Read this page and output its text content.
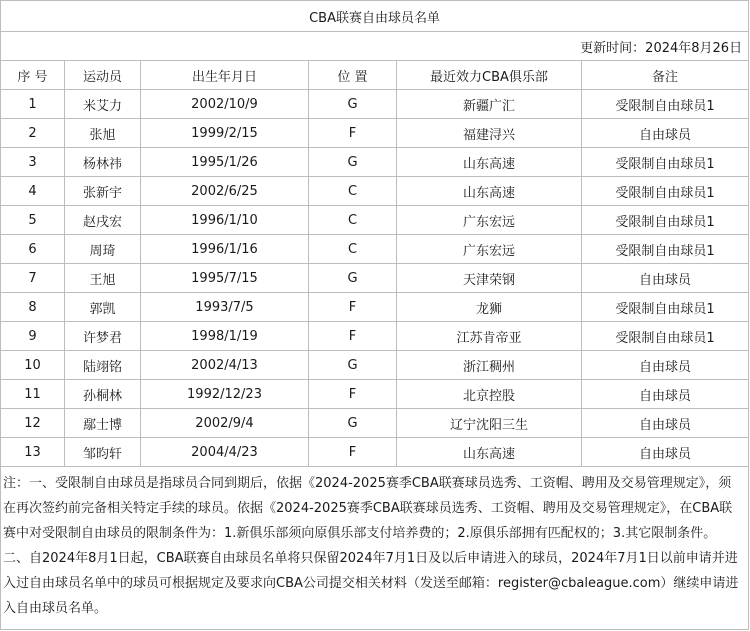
CBA联赛自由球员名单					
更新时间：2024年8月26日					
序 号	运动员	出生年月日	位 置	最近效力CBA俱乐部	备注
1	米艾力	2002/10/9	G	新疆广汇	受限制自由球员1
2	张旭	1999/2/15	F	福建浔兴	自由球员
3	杨林祎	1995/1/26	G	山东高速	受限制自由球员1
4	张新宇	2002/6/25	C	山东高速	受限制自由球员1
5	赵戌宏	1996/1/10	C	广东宏远	受限制自由球员1
6	周琦	1996/1/16	C	广东宏远	受限制自由球员1
7	王旭	1995/7/15	G	天津荣钢	自由球员
8	郭凯	1993/7/5	F	龙狮	受限制自由球员1
9	许梦君	1998/1/19	F	江苏肯帝亚	受限制自由球员1
10	陆翊铭	2002/4/13	G	浙江稠州	自由球员
11	孙桐林	1992/12/23	F	北京控股	自由球员
12	鄢士博	2002/9/4	G	辽宁沈阳三生	自由球员
13	邹昀轩	2004/4/23	F	山东高速	自由球员

注：一、受限制自由球员是指球员合同到期后，依据《2024-2025赛季CBA联赛球员选秀、工资帽、聘用及交易管理规定》，须在再次签约前完备相关特定手续的球员。依据《2024-2025赛季CBA联赛球员选秀、工资帽、聘用及交易管理规定》，在CBA联赛中对受限制自由球员的限制条件为：1.新俱乐部须向原俱乐部支付培养费的；2.原俱乐部拥有匹配权的；3.其它限制条件。
二、自2024年8月1日起，CBA联赛自由球员名单将只保留2024年7月1日及以后申请进入的球员，2024年7月1日以前申请并进入过自由球员名单中的球员可根据规定及要求向CBA公司提交相关材料（发送至邮箱：register@cbaleague.com）继续申请进入自由球员名单。					
